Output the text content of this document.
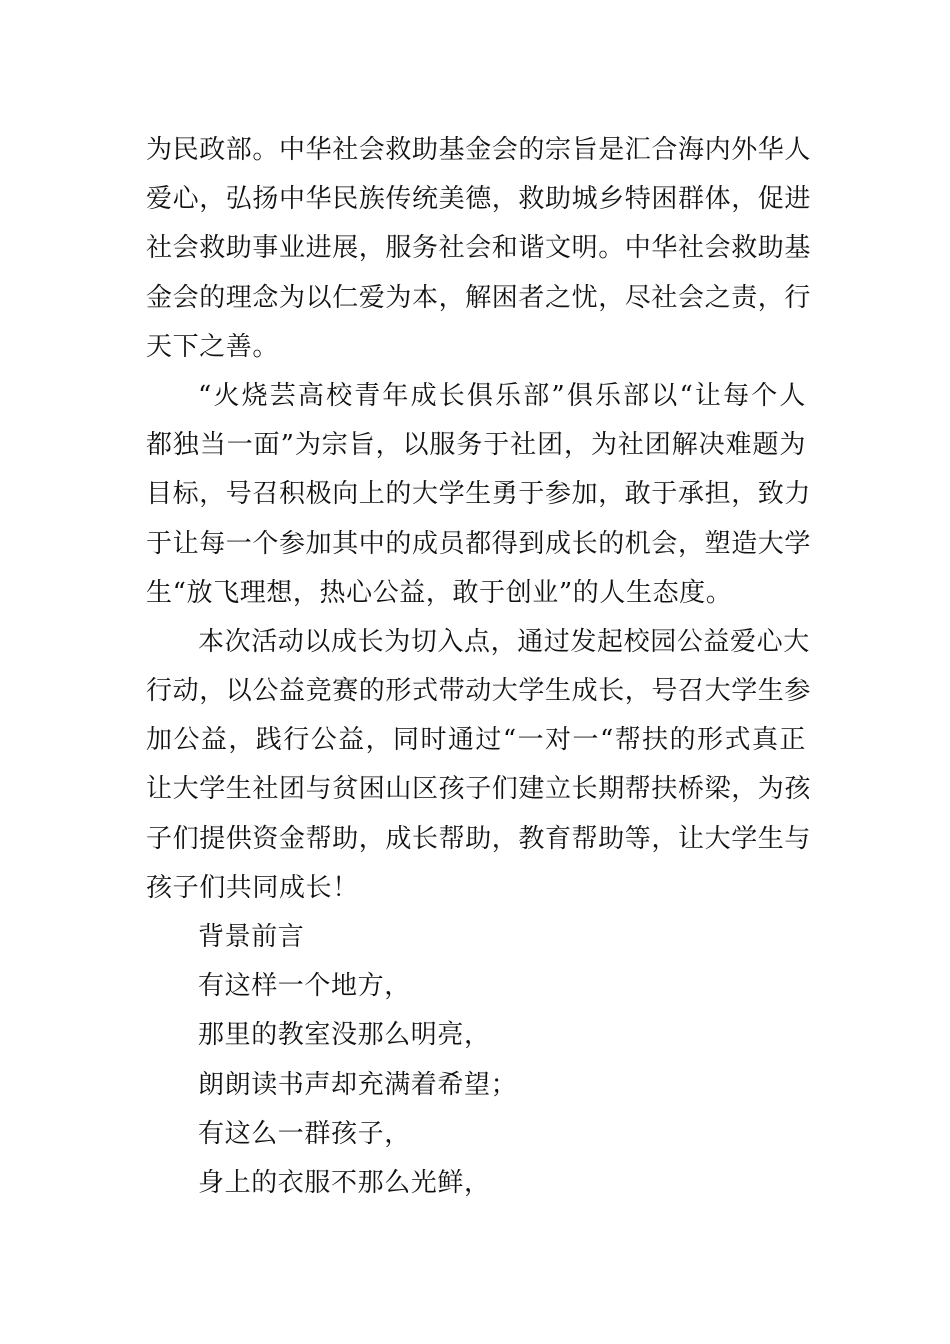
为民政部。中华社会救助基金会的宗旨是汇合海内外华人
爱心，弘扬中华民族传统美德，救助城乡特困群体，促进
社会救助事业进展，服务社会和谐文明。中华社会救助基
金会的理念为以仁爱为本，解困者之忧，尽社会之责，行
天下之善。
“火烧芸高校青年成长俱乐部”俱乐部以“让每个人
都独当一面”为宗旨，以服务于社团，为社团解决难题为
目标，号召积极向上的大学生勇于参加，敢于承担，致力
于让每一个参加其中的成员都得到成长的机会，塑造大学
生“放飞理想，热心公益，敢于创业”的人生态度。
本次活动以成长为切入点，通过发起校园公益爱心大
行动，以公益竞赛的形式带动大学生成长，号召大学生参
加公益，践行公益，同时通过“一对一“帮扶的形式真正
让大学生社团与贫困山区孩子们建立长期帮扶桥梁，为孩
子们提供资金帮助，成长帮助，教育帮助等，让大学生与
孩子们共同成长！
背景前言
有这样一个地方，
那里的教室没那么明亮，
朗朗读书声却充满着希望；
有这么一群孩子，
身上的衣服不那么光鲜，
